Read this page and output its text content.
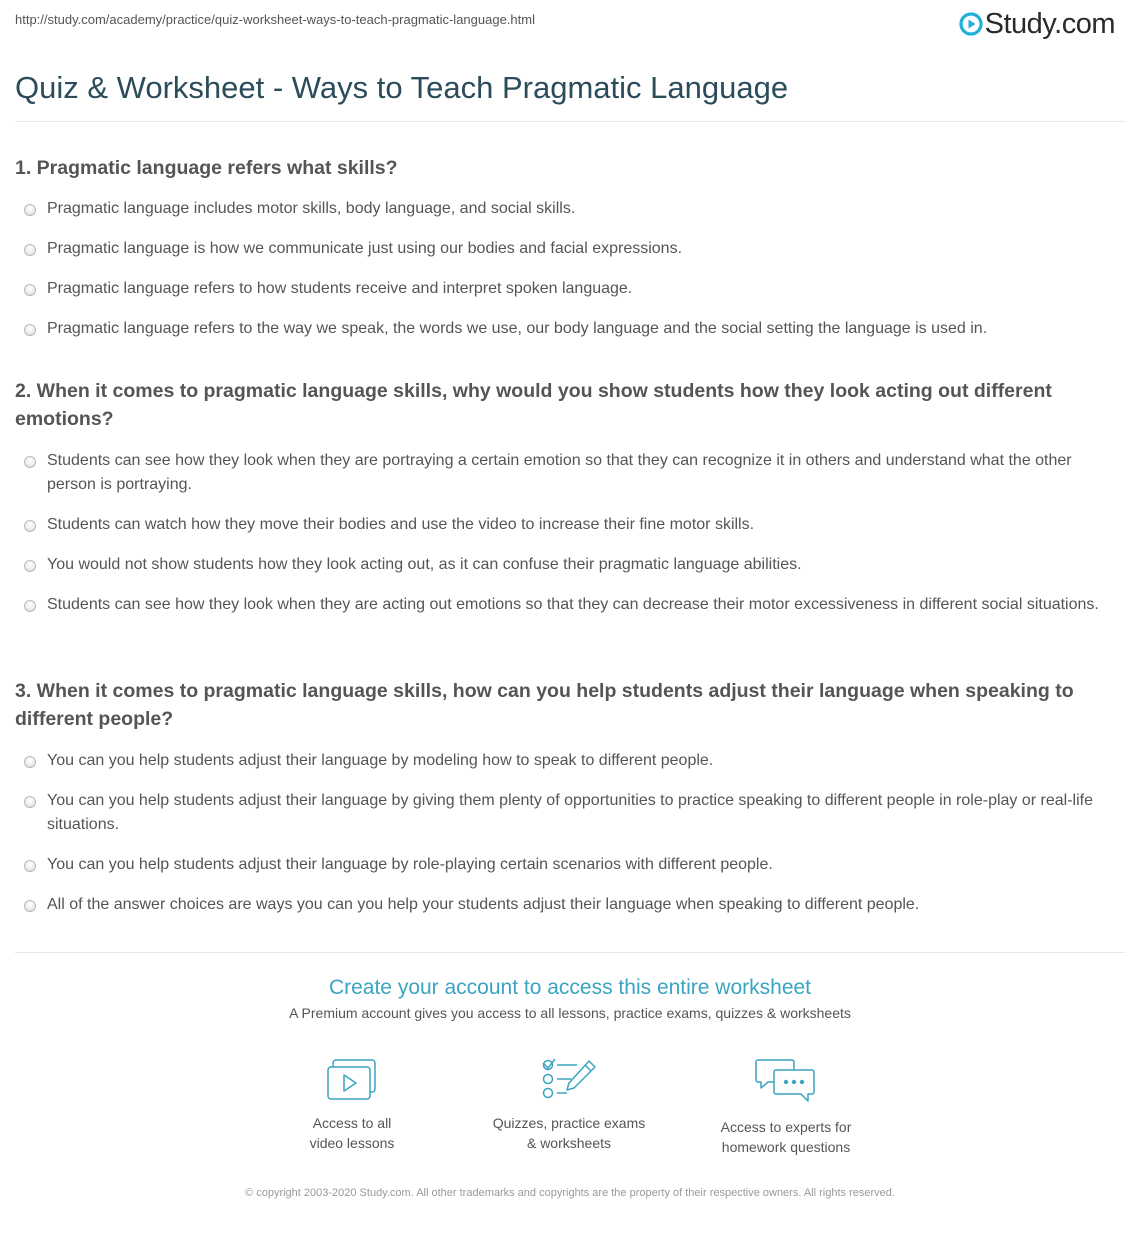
http://study.com/academy/practice/quiz-worksheet-ways-to-teach-pragmatic-language.html	Study.com
Quiz & Worksheet - Ways to Teach Pragmatic Language
1. Pragmatic language refers what skills?
Pragmatic language includes motor skills, body language, and social skills.
Pragmatic language is how we communicate just using our bodies and facial expressions.
Pragmatic language refers to how students receive and interpret spoken language.
Pragmatic language refers to the way we speak, the words we use, our body language and the social setting the language is used in.
2. When it comes to pragmatic language skills, why would you show students how they look acting out different emotions?
Students can see how they look when they are portraying a certain emotion so that they can recognize it in others and understand what the other person is portraying.
Students can watch how they move their bodies and use the video to increase their fine motor skills.
You would not show students how they look acting out, as it can confuse their pragmatic language abilities.
Students can see how they look when they are acting out emotions so that they can decrease their motor excessiveness in different social situations.
3. When it comes to pragmatic language skills, how can you help students adjust their language when speaking to different people?
You can you help students adjust their language by modeling how to speak to different people.
You can you help students adjust their language by giving them plenty of opportunities to practice speaking to different people in role-play or real-life situations.
You can you help students adjust their language by role-playing certain scenarios with different people.
All of the answer choices are ways you can you help your students adjust their language when speaking to different people.
Create your account to access this entire worksheet
A Premium account gives you access to all lessons, practice exams, quizzes & worksheets
Access to all
video lessons
Quizzes, practice exams
& worksheets
Access to experts for
homework questions
© copyright 2003-2020 Study.com. All other trademarks and copyrights are the property of their respective owners. All rights reserved.
